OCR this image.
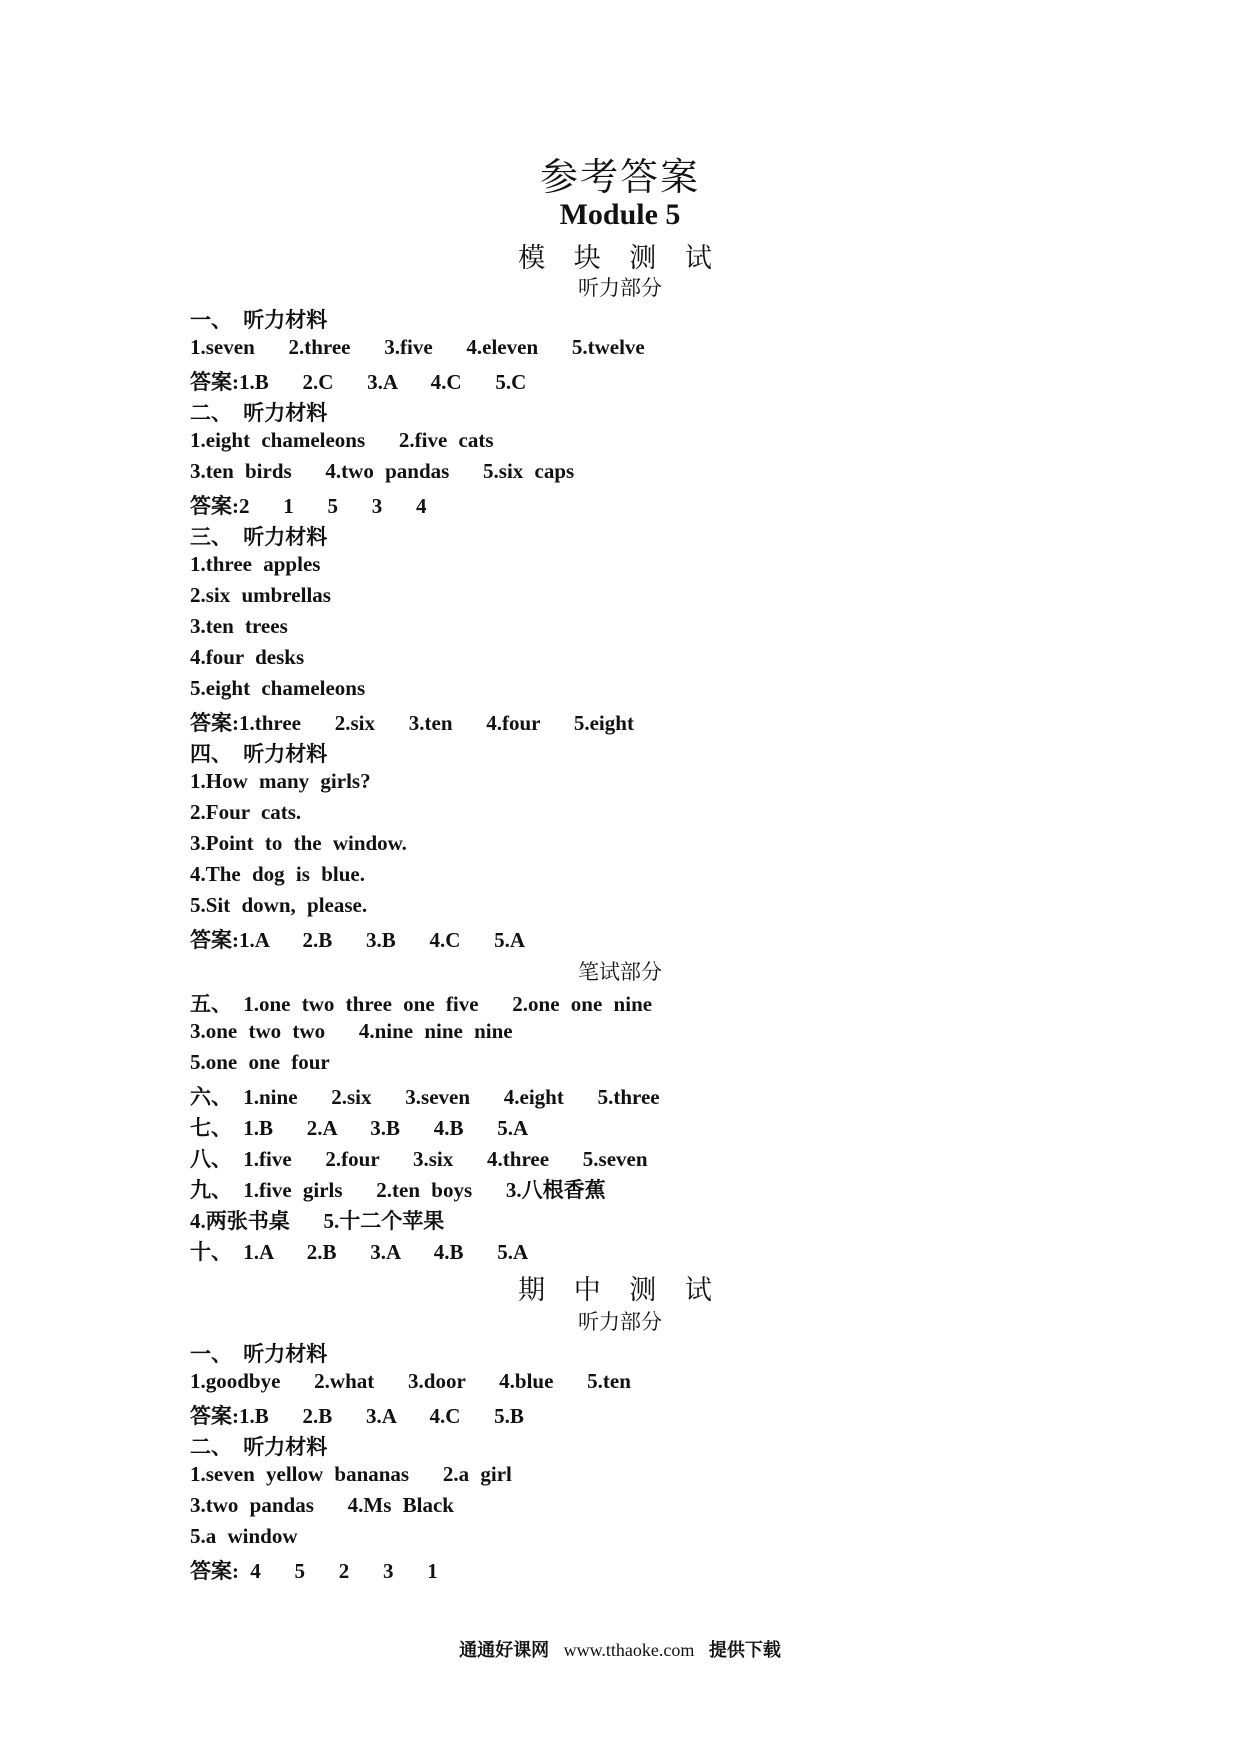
参考答案
Module 5
模 块 测 试
听力部分
一、 听力材料
1.seven   2.three   3.five   4.eleven   5.twelve
答案:1.B   2.C   3.A   4.C   5.C
二、 听力材料
1.eight chameleons   2.five cats
3.ten birds   4.two pandas   5.six caps
答案:2   1   5   3   4
三、 听力材料
1.three apples
2.six umbrellas
3.ten trees
4.four desks
5.eight chameleons
答案:1.three   2.six   3.ten   4.four   5.eight
四、 听力材料
1.How many girls?
2.Four cats.
3.Point to the window.
4.The dog is blue.
5.Sit down, please.
答案:1.A   2.B   3.B   4.C   5.A
笔试部分
五、 1.one two three one five   2.one one nine
3.one two two   4.nine nine nine
5.one one four
六、 1.nine   2.six   3.seven   4.eight   5.three
七、 1.B   2.A   3.B   4.B   5.A
八、 1.five   2.four   3.six   4.three   5.seven
九、 1.five girls   2.ten boys   3.八根香蕉
4.两张书桌   5.十二个苹果
十、 1.A   2.B   3.A   4.B   5.A
期 中 测 试
听力部分
一、 听力材料
1.goodbye   2.what   3.door   4.blue   5.ten
答案:1.B   2.B   3.A   4.C   5.B
二、 听力材料
1.seven yellow bananas   2.a girl
3.two pandas   4.Ms Black
5.a window
答案: 4   5   2   3   1
通通好课网 www.tthaoke.com 提供下载
